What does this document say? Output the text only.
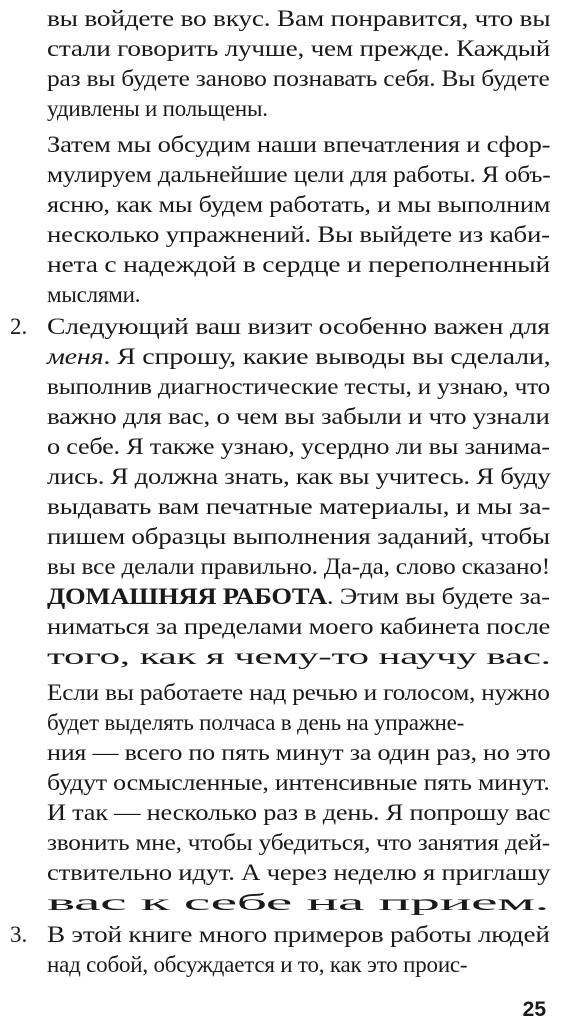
вы войдете во вкус. Вам понравится, что вы
стали говорить лучше, чем прежде. Каждый
раз вы будете заново познавать себя. Вы будете
удивлены и польщены.
Затем мы обсудим наши впечатления и сфор-
мулируем дальнейшие цели для работы. Я объ-
ясню, как мы будем работать, и мы выполним
несколько упражнений. Вы выйдете из каби-
нета с надеждой в сердце и переполненный
мыслями.
2. Следующий ваш визит особенно важен для
меня. Я спрошу, какие выводы вы сделали,
выполнив диагностические тесты, и узнаю, что
важно для вас, о чем вы забыли и что узнали
о себе. Я также узнаю, усердно ли вы занима-
лись. Я должна знать, как вы учитесь. Я буду
выдавать вам печатные материалы, и мы за-
пишем образцы выполнения заданий, чтобы
вы все делали правильно. Да-да, слово сказано!
ДОМАШНЯЯ РАБОТА. Этим вы будете за-
ниматься за пределами моего кабинета после
того, как я чему-то научу вас.
Если вы работаете над речью и голосом, нужно
будет выделять полчаса в день на упражне-
ния — всего по пять минут за один раз, но это
будут осмысленные, интенсивные пять минут.
И так — несколько раз в день. Я попрошу вас
звонить мне, чтобы убедиться, что занятия дей-
ствительно идут. А через неделю я приглашу
вас к себе на прием.
3. В этой книге много примеров работы людей
над собой, обсуждается и то, как это проис-
25
